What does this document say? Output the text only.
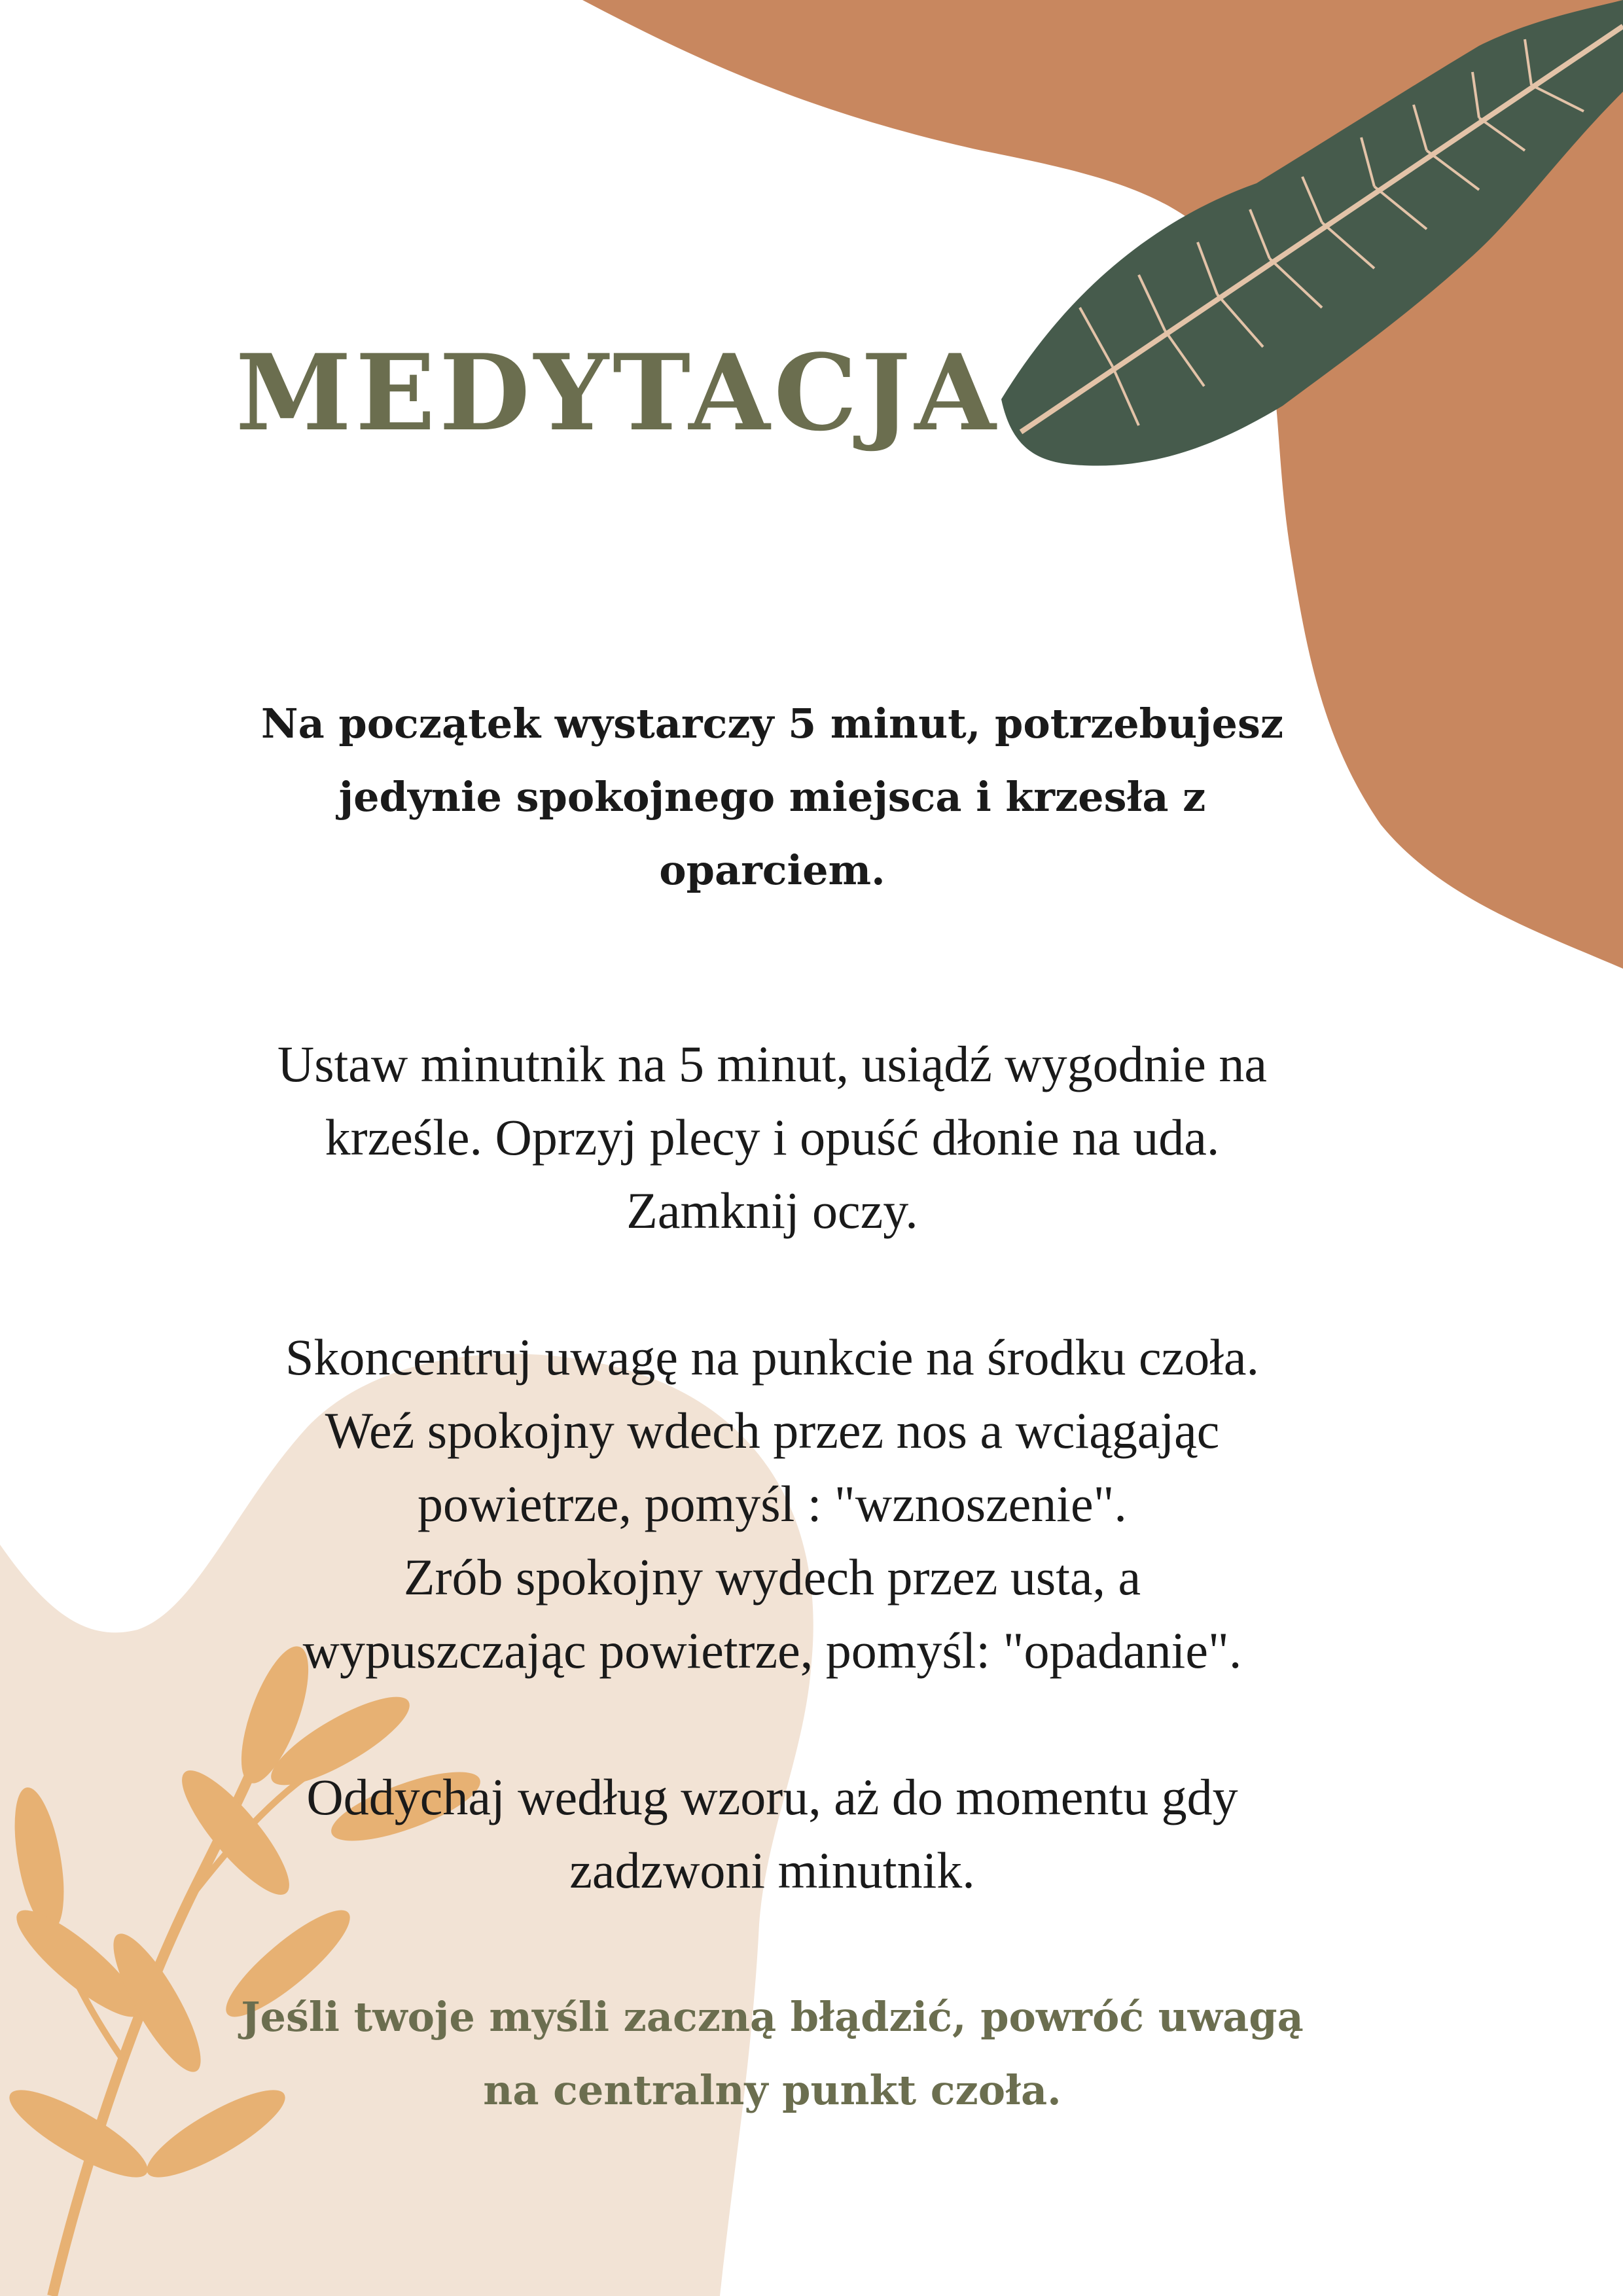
MEDYTACJA
Na początek wystarczy 5 minut, potrzebujesz
jedynie spokojnego miejsca i krzesła z
oparciem.

Ustaw minutnik na 5 minut, usiądź wygodnie na
krześle. Oprzyj plecy i opuść dłonie na uda.
Zamknij oczy.

Skoncentruj uwagę na punkcie na środku czoła.
Weź spokojny wdech przez nos a wciągając
powietrze, pomyśl : "wznoszenie".
Zrób spokojny wydech przez usta, a
wypuszczając powietrze, pomyśl: "opadanie".

Oddychaj według wzoru, aż do momentu gdy
zadzwoni minutnik.

Jeśli twoje myśli zaczną błądzić, powróć uwagą
na centralny punkt czoła.
